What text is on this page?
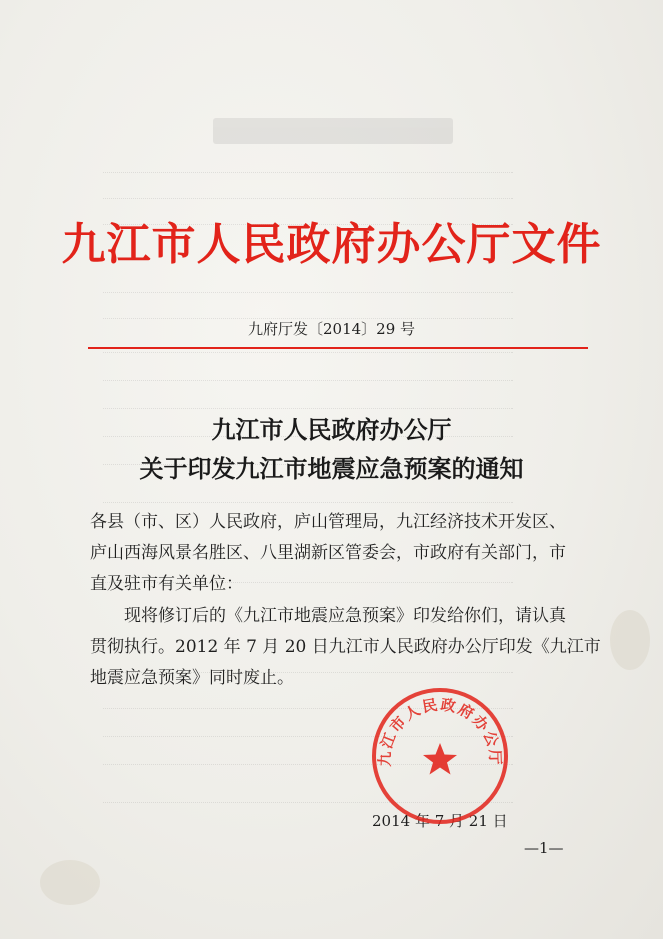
九江市人民政府办公厅文件
九府厅发〔2014〕29 号
九江市人民政府办公厅
关于印发九江市地震应急预案的通知
各县（市、区）人民政府，庐山管理局，九江经济技术开发区、
庐山西海风景名胜区、八里湖新区管委会，市政府有关部门，市
直及驻市有关单位：
　　现将修订后的《九江市地震应急预案》印发给你们，请认真
贯彻执行。2012 年 7 月 20 日九江市人民政府办公厅印发《九江市
地震应急预案》同时废止。
九江市人民政府办公厅
2014 年 7 月 21 日
—1—
